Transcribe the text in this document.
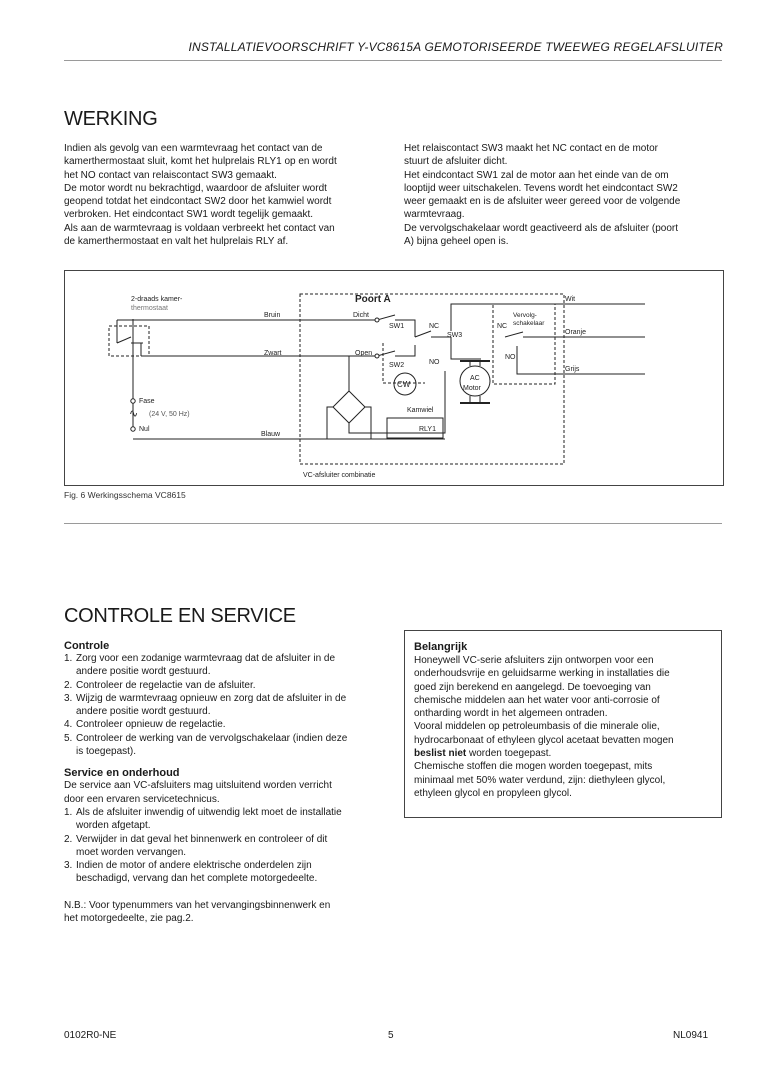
INSTALLATIEVOORSCHRIFT Y-VC8615A GEMOTORISEERDE TWEEWEG REGELAFSLUITER
WERKING

Indien als gevolg van een warmtevraag het contact van de

kamerthermostaat sluit, komt het hulprelais RLY1 op en wordt

het NO contact van relaiscontact SW3 gemaakt.

De motor wordt nu bekrachtigd, waardoor de afsluiter wordt

geopend totdat het eindcontact SW2 door het kamwiel wordt

verbroken. Het eindcontact SW1 wordt tegelijk gemaakt.

Als aan de warmtevraag is voldaan verbreekt het contact van

de kamerthermostaat en valt het hulprelais RLY af.

Het relaiscontact SW3 maakt het NC contact en de motor

stuurt de afsluiter dicht.

Het eindcontact SW1 zal de motor aan het einde van de om

looptijd weer uitschakelen. Tevens wordt het eindcontact SW2

weer gemaakt en is de afsluiter weer gereed voor de volgende

warmtevraag.

De vervolgschakelaar wordt geactiveerd als de afsluiter (poort

A) bijna geheel open is.

2-draads kamer-
thermostaat
Poort A
Bruin	Dicht
SW1	NC
SW3
Zwart	Open
SW2	NO
CW
AC
Motor
Kamwiel
RLY1
Fase
∿ (24 V, 50 Hz)
Nul
Blauw
Wit
Vervolg-
schakelaar
NC
Oranje
NO
Grijs
VC-afsluiter combinatie
Fig. 6 Werkingsschema VC8615
CONTROLE EN SERVICE
Controle
1. Zorg voor een zodanige warmtevraag dat de afsluiter in de
andere positie wordt gestuurd.
2. Controleer de regelactie van de afsluiter.
3. Wijzig de warmtevraag opnieuw en zorg dat de afsluiter in de
andere positie wordt gestuurd.
4. Controleer opnieuw de regelactie.
5. Controleer de werking van de vervolgschakelaar (indien deze
is toegepast).
Service en onderhoud

De service aan VC-afsluiters mag uitsluitend worden verricht

door een ervaren servicetechnicus.

1. Als de afsluiter inwendig of uitwendig lekt moet de installatie
worden afgetapt.
2. Verwijder in dat geval het binnenwerk en controleer of dit
moet worden vervangen.
3. Indien de motor of andere elektrische onderdelen zijn
beschadigd, vervang dan het complete motorgedeelte.

N.B.: Voor typenummers van het vervangingsbinnenwerk en

het motorgedeelte, zie pag.2.

Belangrijk
Honeywell VC-serie afsluiters zijn ontworpen voor een
onderhoudsvrije en geluidsarme werking in installaties die
goed zijn berekend en aangelegd. De toevoeging van
chemische middelen aan het water voor anti-corrosie of
ontharding wordt in het algemeen ontraden.
Vooral middelen op petroleumbasis of die minerale olie,
hydrocarbonaat of ethyleen glycol acetaat bevatten mogen
beslist niet worden toegepast.
Chemische stoffen die mogen worden toegepast, mits
minimaal met 50% water verdund, zijn: diethyleen glycol,
ethyleen glycol en propyleen glycol.
0102R0-NE	5	NL0941
